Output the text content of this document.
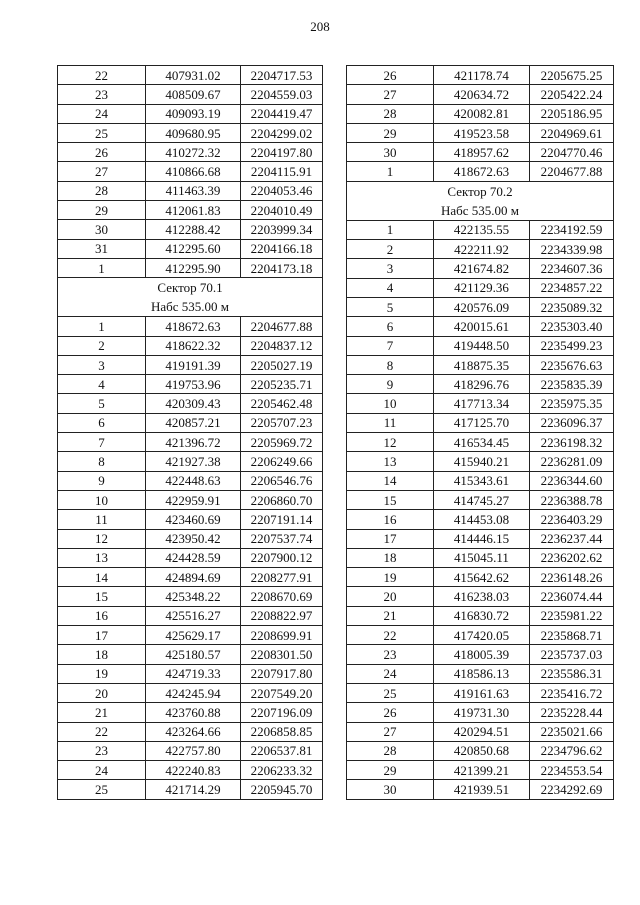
208
22	407931.02	2204717.53
23	408509.67	2204559.03
24	409093.19	2204419.47
25	409680.95	2204299.02
26	410272.32	2204197.80
27	410866.68	2204115.91
28	411463.39	2204053.46
29	412061.83	2204010.49
30	412288.42	2203999.34
31	412295.60	2204166.18
1	412295.90	2204173.18

Сектор 70.1
Набс 535.00 м		

1	418672.63	2204677.88
2	418622.32	2204837.12
3	419191.39	2205027.19
4	419753.96	2205235.71
5	420309.43	2205462.48
6	420857.21	2205707.23
7	421396.72	2205969.72
8	421927.38	2206249.66
9	422448.63	2206546.76
10	422959.91	2206860.70
11	423460.69	2207191.14
12	423950.42	2207537.74
13	424428.59	2207900.12
14	424894.69	2208277.91
15	425348.22	2208670.69
16	425516.27	2208822.97
17	425629.17	2208699.91
18	425180.57	2208301.50
19	424719.33	2207917.80
20	424245.94	2207549.20
21	423760.88	2207196.09
22	423264.66	2206858.85
23	422757.80	2206537.81
24	422240.83	2206233.32
25	421714.29	2205945.70
26	421178.74	2205675.25
27	420634.72	2205422.24
28	420082.81	2205186.95
29	419523.58	2204969.61
30	418957.62	2204770.46
1	418672.63	2204677.88

Сектор 70.2
Набс 535.00 м		

1	422135.55	2234192.59
2	422211.92	2234339.98
3	421674.82	2234607.36
4	421129.36	2234857.22
5	420576.09	2235089.32
6	420015.61	2235303.40
7	419448.50	2235499.23
8	418875.35	2235676.63
9	418296.76	2235835.39
10	417713.34	2235975.35
11	417125.70	2236096.37
12	416534.45	2236198.32
13	415940.21	2236281.09
14	415343.61	2236344.60
15	414745.27	2236388.78
16	414453.08	2236403.29
17	414446.15	2236237.44
18	415045.11	2236202.62
19	415642.62	2236148.26
20	416238.03	2236074.44
21	416830.72	2235981.22
22	417420.05	2235868.71
23	418005.39	2235737.03
24	418586.13	2235586.31
25	419161.63	2235416.72
26	419731.30	2235228.44
27	420294.51	2235021.66
28	420850.68	2234796.62
29	421399.21	2234553.54
30	421939.51	2234292.69
